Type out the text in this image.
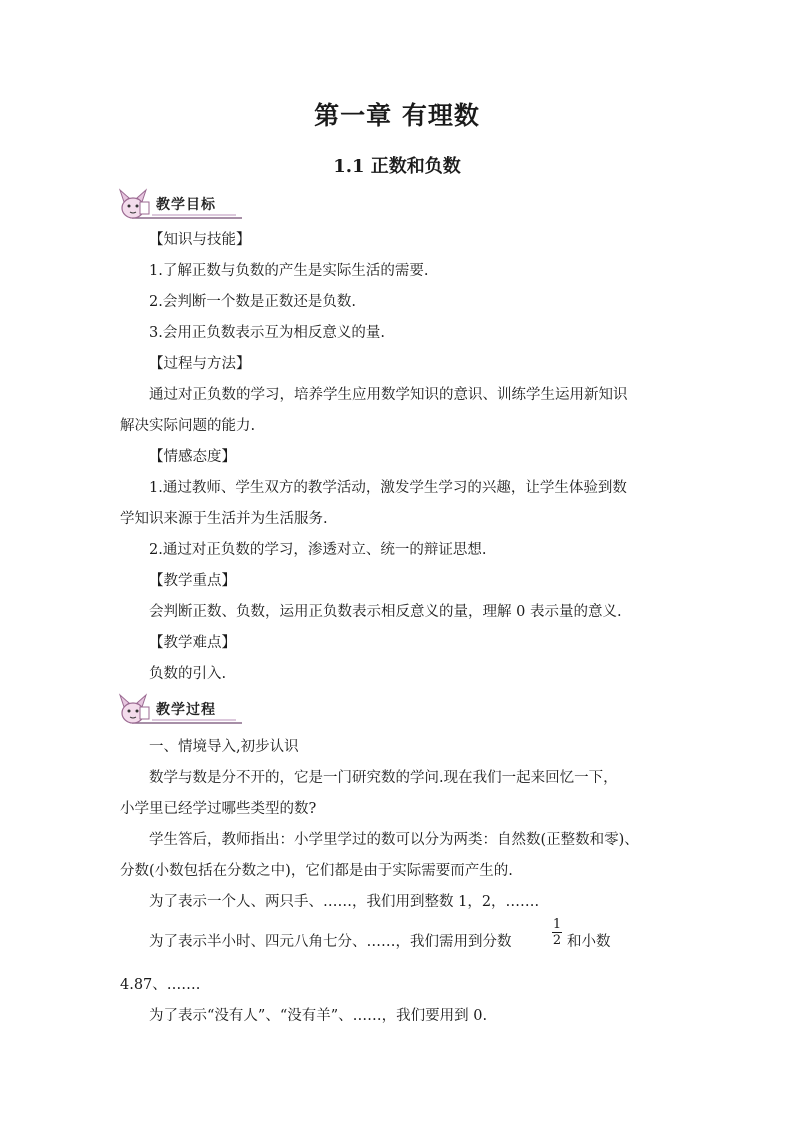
第一章 有理数
1.1 正数和负数
教学目标
【知识与技能】
1.了解正数与负数的产生是实际生活的需要.
2.会判断一个数是正数还是负数.
3.会用正负数表示互为相反意义的量.
【过程与方法】
通过对正负数的学习，培养学生应用数学知识的意识、训练学生运用新知识
解决实际问题的能力.
【情感态度】
1.通过教师、学生双方的教学活动，激发学生学习的兴趣，让学生体验到数
学知识来源于生活并为生活服务.
2.通过对正负数的学习，渗透对立、统一的辩证思想.
【教学重点】
会判断正数、负数，运用正负数表示相反意义的量，理解 0 表示量的意义.
【教学难点】
负数的引入.
教学过程
一、情境导入,初步认识
数学与数是分不开的，它是一门研究数的学问.现在我们一起来回忆一下，
小学里已经学过哪些类型的数?
学生答后，教师指出：小学里学过的数可以分为两类：自然数(正整数和零)、
分数(小数包括在分数之中)，它们都是由于实际需要而产生的.
为了表示一个人、两只手、……，我们用到整数 1，2，…….
为了表示半小时、四元八角七分、……，我们需用到分数
1
2 和小数
4.87、…….
为了表示“没有人”、“没有羊”、……，我们要用到 0.
